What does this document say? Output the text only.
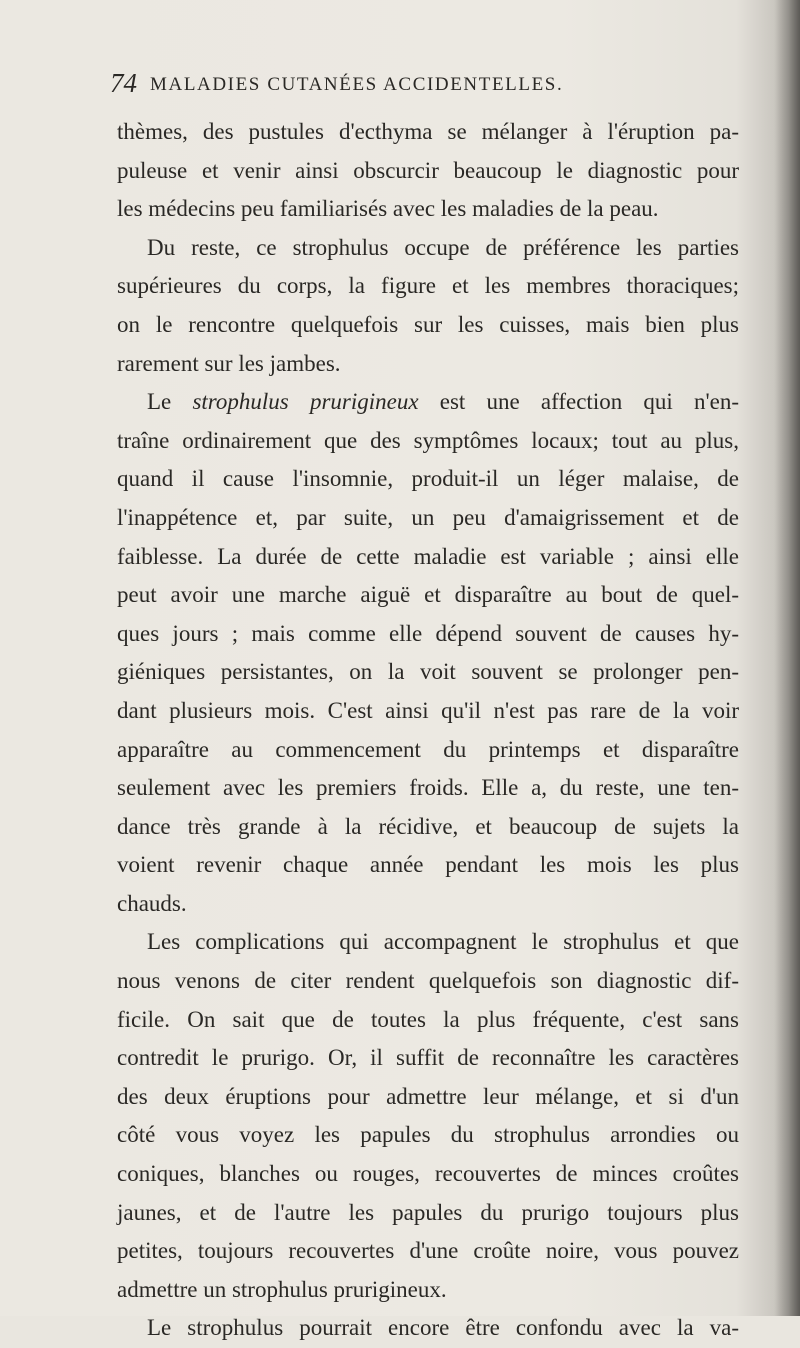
74 MALADIES CUTANÉES ACCIDENTELLES.
thèmes, des pustules d'ecthyma se mélanger à l'éruption pa-
puleuse et venir ainsi obscurcir beaucoup le diagnostic pour
les médecins peu familiarisés avec les maladies de la peau.
Du reste, ce strophulus occupe de préférence les parties
supérieures du corps, la figure et les membres thoraciques;
on le rencontre quelquefois sur les cuisses, mais bien plus
rarement sur les jambes.
Le strophulus prurigineux est une affection qui n'en-
traîne ordinairement que des symptômes locaux; tout au plus,
quand il cause l'insomnie, produit-il un léger malaise, de
l'inappétence et, par suite, un peu d'amaigrissement et de
faiblesse. La durée de cette maladie est variable ; ainsi elle
peut avoir une marche aiguë et disparaître au bout de quel-
ques jours ; mais comme elle dépend souvent de causes hy-
giéniques persistantes, on la voit souvent se prolonger pen-
dant plusieurs mois. C'est ainsi qu'il n'est pas rare de la voir
apparaître au commencement du printemps et disparaître
seulement avec les premiers froids. Elle a, du reste, une ten-
dance très grande à la récidive, et beaucoup de sujets la
voient revenir chaque année pendant les mois les plus
chauds.
Les complications qui accompagnent le strophulus et que
nous venons de citer rendent quelquefois son diagnostic dif-
ficile. On sait que de toutes la plus fréquente, c'est sans
contredit le prurigo. Or, il suffit de reconnaître les caractères
des deux éruptions pour admettre leur mélange, et si d'un
côté vous voyez les papules du strophulus arrondies ou
coniques, blanches ou rouges, recouvertes de minces croûtes
jaunes, et de l'autre les papules du prurigo toujours plus
petites, toujours recouvertes d'une croûte noire, vous pouvez
admettre un strophulus prurigineux.
Le strophulus pourrait encore être confondu avec la va-
